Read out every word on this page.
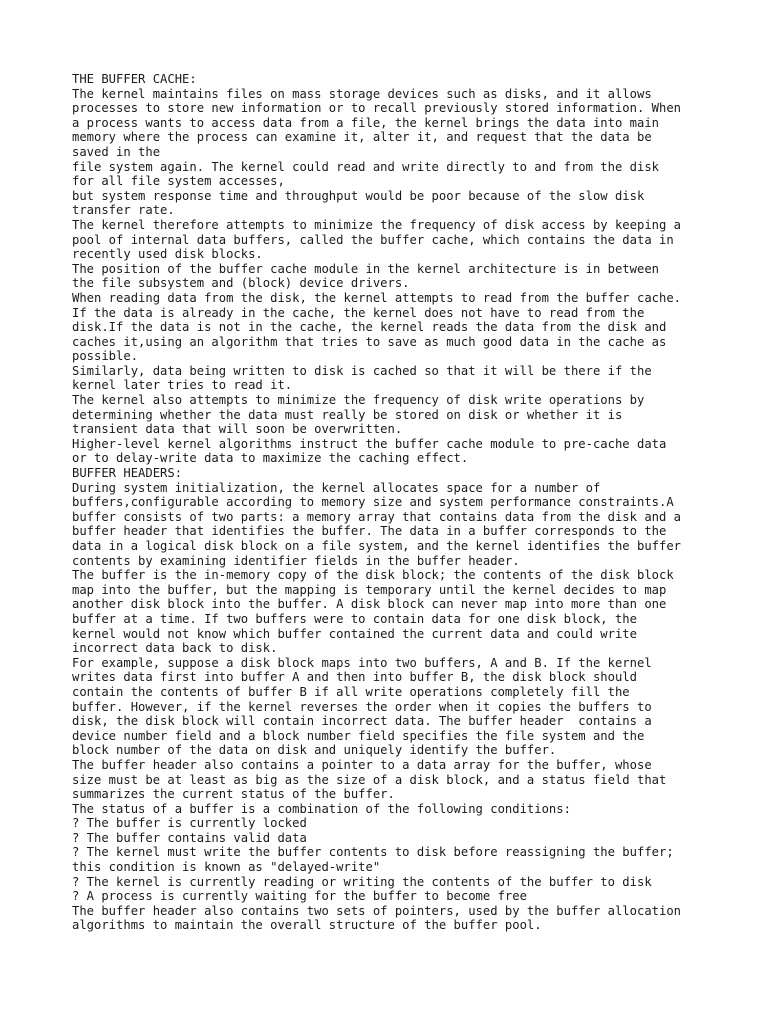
THE BUFFER CACHE:
The kernel maintains files on mass storage devices such as disks, and it allows
processes to store new information or to recall previously stored information. When
a process wants to access data from a file, the kernel brings the data into main
memory where the process can examine it, alter it, and request that the data be
saved in the
file system again. The kernel could read and write directly to and from the disk
for all file system accesses,
but system response time and throughput would be poor because of the slow disk
transfer rate.
The kernel therefore attempts to minimize the frequency of disk access by keeping a
pool of internal data buffers, called the buffer cache, which contains the data in
recently used disk blocks.
The position of the buffer cache module in the kernel architecture is in between
the file subsystem and (block) device drivers.
When reading data from the disk, the kernel attempts to read from the buffer cache.
If the data is already in the cache, the kernel does not have to read from the
disk.If the data is not in the cache, the kernel reads the data from the disk and
caches it,using an algorithm that tries to save as much good data in the cache as
possible.
Similarly, data being written to disk is cached so that it will be there if the
kernel later tries to read it.
The kernel also attempts to minimize the frequency of disk write operations by
determining whether the data must really be stored on disk or whether it is
transient data that will soon be overwritten.
Higher-level kernel algorithms instruct the buffer cache module to pre-cache data
or to delay-write data to maximize the caching effect.
BUFFER HEADERS:
During system initialization, the kernel allocates space for a number of
buffers,configurable according to memory size and system performance constraints.A
buffer consists of two parts: a memory array that contains data from the disk and a
buffer header that identifies the buffer. The data in a buffer corresponds to the
data in a logical disk block on a file system, and the kernel identifies the buffer
contents by examining identifier fields in the buffer header.
The buffer is the in-memory copy of the disk block; the contents of the disk block
map into the buffer, but the mapping is temporary until the kernel decides to map
another disk block into the buffer. A disk block can never map into more than one
buffer at a time. If two buffers were to contain data for one disk block, the
kernel would not know which buffer contained the current data and could write
incorrect data back to disk.
For example, suppose a disk block maps into two buffers, A and B. If the kernel
writes data first into buffer A and then into buffer B, the disk block should
contain the contents of buffer B if all write operations completely fill the
buffer. However, if the kernel reverses the order when it copies the buffers to
disk, the disk block will contain incorrect data. The buffer header  contains a
device number field and a block number field specifies the file system and the
block number of the data on disk and uniquely identify the buffer.
The buffer header also contains a pointer to a data array for the buffer, whose
size must be at least as big as the size of a disk block, and a status field that
summarizes the current status of the buffer.
The status of a buffer is a combination of the following conditions:
? The buffer is currently locked
? The buffer contains valid data
? The kernel must write the buffer contents to disk before reassigning the buffer;
this condition is known as "delayed-write"
? The kernel is currently reading or writing the contents of the buffer to disk
? A process is currently waiting for the buffer to become free
The buffer header also contains two sets of pointers, used by the buffer allocation
algorithms to maintain the overall structure of the buffer pool.
